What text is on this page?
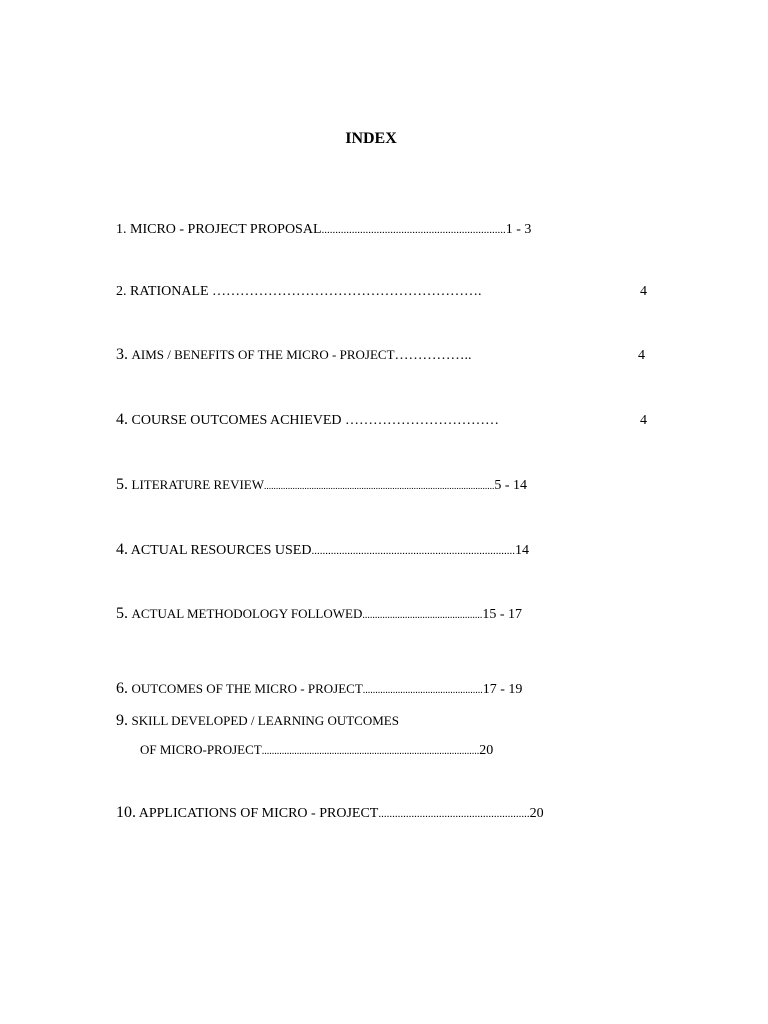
INDEX
1. MICRO - PROJECT PROPOSAL...................................................................1 - 3
2. RATIONALE ………………………………………………….	4
3. AIMS / BENEFITS OF THE MICRO - PROJECT……………..	4
4. COURSE OUTCOMES ACHIEVED ……………………………	4
5. LITERATURE REVIEW.................................................................................................5 - 14
4. ACTUAL RESOURCES USED..........................................................................14
5. ACTUAL METHODOLOGY FOLLOWED................................................15 - 17
6. OUTCOMES OF THE MICRO - PROJECT................................................17 - 19
9. SKILL DEVELOPED / LEARNING OUTCOMES
OF MICRO-PROJECT.......................................................................................20
10. APPLICATIONS OF MICRO - PROJECT.......................................................20
